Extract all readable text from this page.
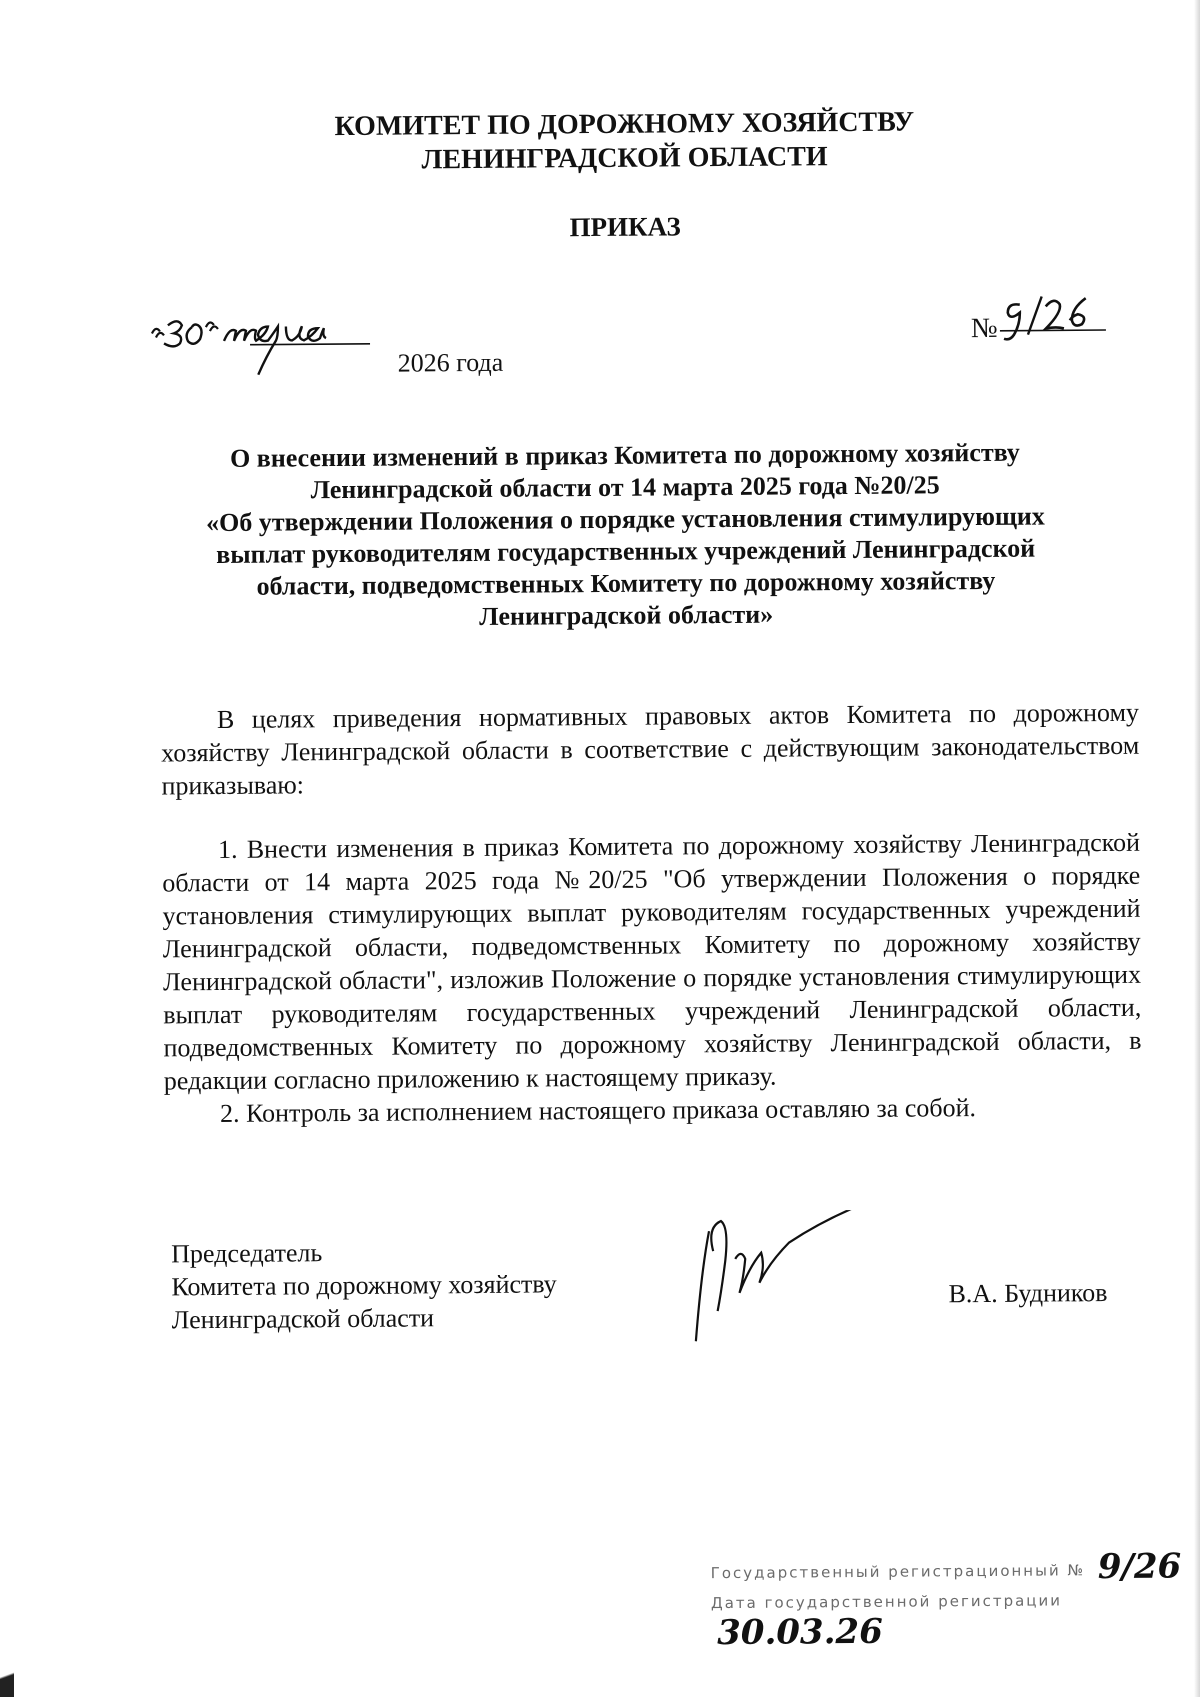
КОМИТЕТ ПО ДОРОЖНОМУ ХОЗЯЙСТВУ
ЛЕНИНГРАДСКОЙ ОБЛАСТИ
ПРИКАЗ
2026 года
№
О внесении изменений в приказ Комитета по дорожному хозяйству
Ленинградской области от 14 марта 2025 года №20/25
«Об утверждении Положения о порядке установления стимулирующих
выплат руководителям государственных учреждений Ленинградской
области, подведомственных Комитету по дорожному хозяйству
Ленинградской области»

В целях приведения нормативных правовых актов Комитета по дорожному хозяйству Ленинградской области в соответствие с действующим законодательством приказываю:

1. Внести изменения в приказ Комитета по дорожному хозяйству Ленинградской области от 14 марта 2025 года №20/25 "Об утверждении Положения о порядке установления стимулирующих выплат руководителям государственных учреждений Ленинградской области, подведомственных Комитету по дорожному хозяйству Ленинградской области", изложив Положение о порядке установления стимулирующих выплат руководителям государственных учреждений Ленинградской области, подведомственных Комитету по дорожному хозяйству Ленинградской области, в редакции согласно приложению к настоящему приказу.

2. Контроль за исполнением настоящего приказа оставляю за собой.

Председатель
Комитета по дорожному хозяйству
Ленинградской области
В.А. Будников
Государственный регистрационный № 9/26
Дата государственной регистрации 30.03.26
